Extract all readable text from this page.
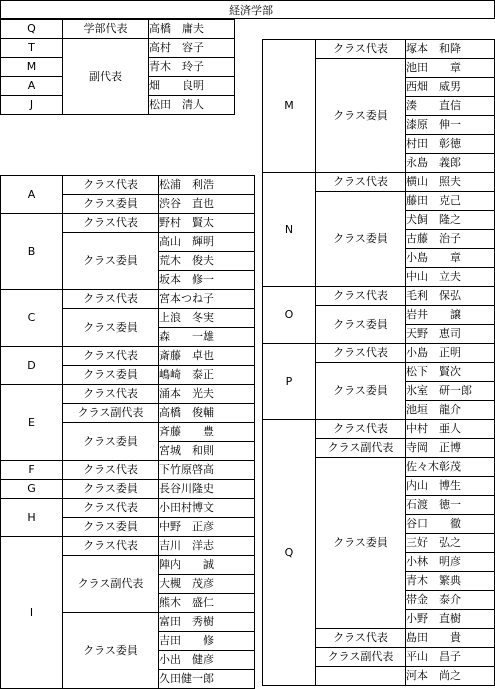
経済学部
Q	学部代表	高橋　庸夫
T	副代表	高村　容子
M		青木　玲子
A		畑　　良明
J		松田　清人
A	クラス代表	松浦　利浩
	クラス委員	渋谷　直也
B	クラス代表	野村　賢太
	クラス委員	高山　輝明
		荒木　俊夫
		坂本　修一
C	クラス代表	宮本つね子
	クラス委員	上浪　冬実
		森　　一雄
D	クラス代表	斎藤　卓也
	クラス委員	嶋崎　泰正
E	クラス代表	涌本　光夫
	クラス副代表	高橋　俊輔
	クラス委員	斉藤　　豊
		宮城　和則
F	クラス代表	下竹原啓高
G	クラス委員	長谷川隆史
H	クラス代表	小田村博文
	クラス委員	中野　正彦
I	クラス代表	吉川　洋志
	クラス副代表	陣内　　誠
		大槻　茂彦
		熊木　盛仁
	クラス委員	富田　秀樹
		吉田　　修
		小出　健彦
		久田健一郎
M	クラス代表	塚本　和降
	クラス委員	池田　　章
		西畑　威男
		湊　　直信
		漆原　伸一
		村田　彰徳
		永島　義郎
N	クラス代表	横山　照夫
	クラス委員	藤田　克己
		犬飼　隆之
		古藤　治子
		小島　　章
		中山　立夫
O	クラス代表	毛利　保弘
	クラス委員	岩井　　譲
		天野　恵司
P	クラス代表	小島　正明
	クラス委員	松下　賢次
		氷室　研一郎
		池垣　龍介
Q	クラス代表	中村　亜人
	クラス副代表	寺岡　正博
	クラス委員	佐々木彰茂
		内山　博生
		石渡　徳一
		谷口　　徹
		三好　弘之
		小林　明彦
		青木　繁典
		帯金　泰介
		小野　直樹
	クラス代表	島田　　貴
	クラス副代表	平山　昌子
		河本　尚之
